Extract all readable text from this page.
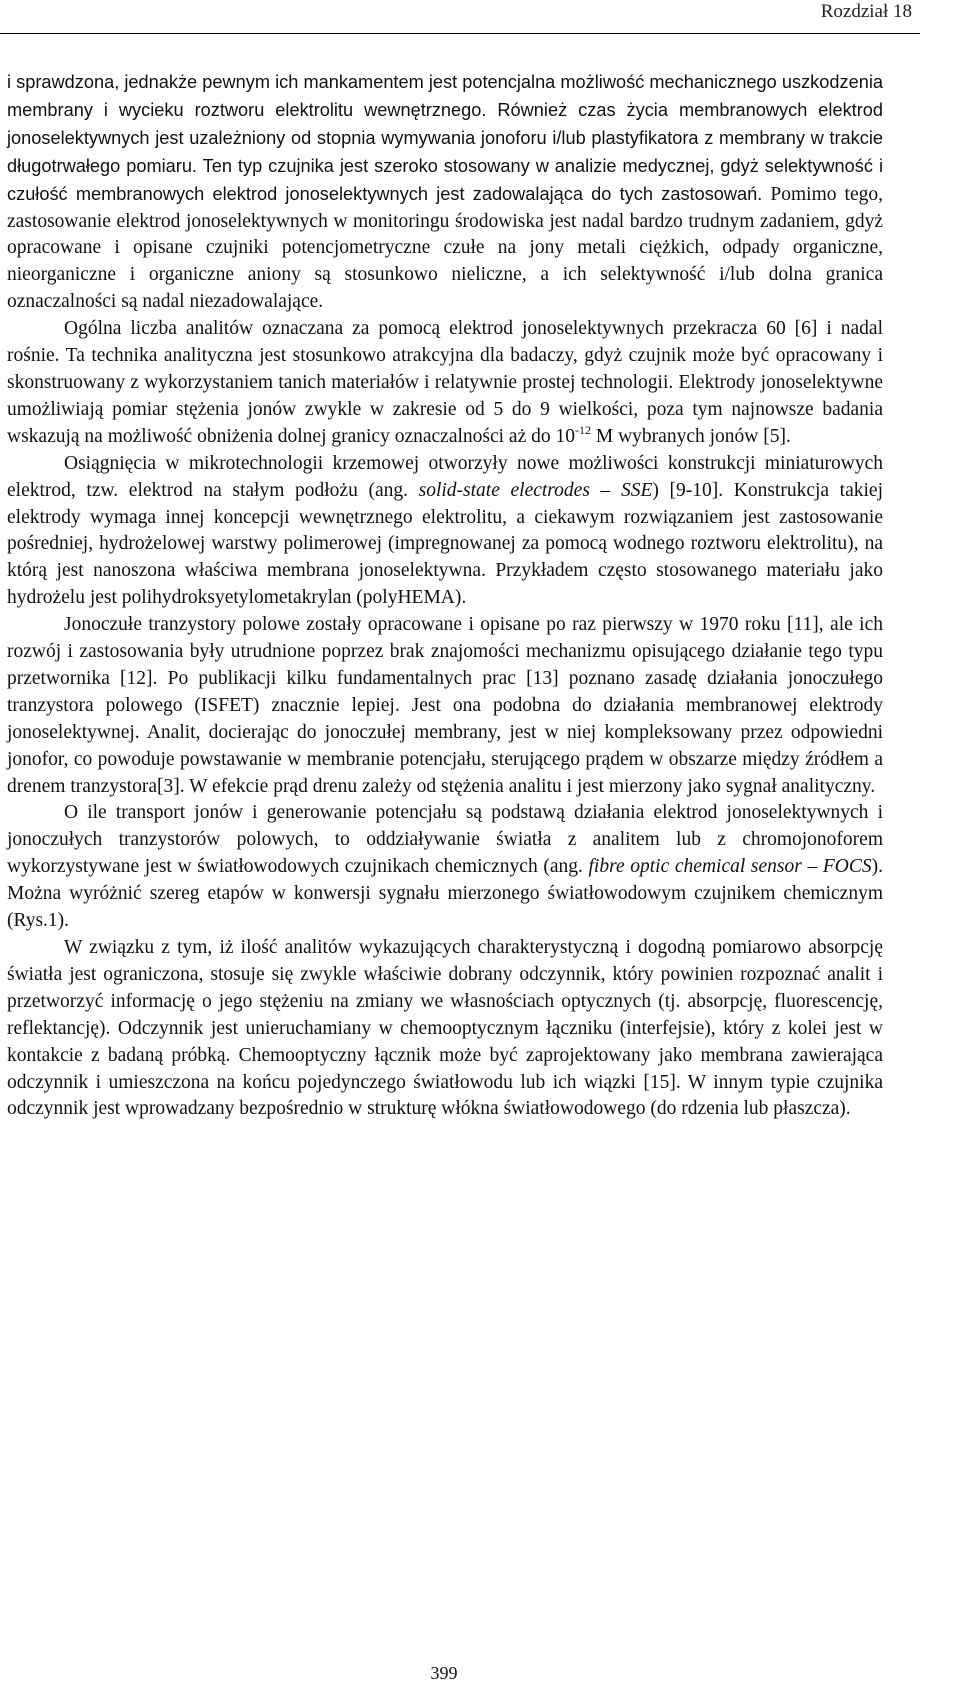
Rozdział 18

i sprawdzona, jednakże pewnym ich mankamentem jest potencjalna możliwość mechanicznego uszkodzenia membrany i wycieku roztworu elektrolitu wewnętrznego. Również czas życia membranowych elektrod jonoselektywnych jest uzależniony od stopnia wymywania jonoforu i/lub plastyfikatora z membrany w trakcie długotrwałego pomiaru. Ten typ czujnika jest szeroko stosowany w analizie medycznej, gdyż selektywność i czułość membranowych elektrod jonoselektywnych jest zadowalająca do tych zastosowań. Pomimo tego, zastosowanie elektrod jonoselektywnych w monitoringu środowiska jest nadal bardzo trudnym zadaniem, gdyż opracowane i opisane czujniki potencjometryczne czułe na jony metali ciężkich, odpady organiczne, nieorganiczne i organiczne aniony są stosunkowo nieliczne, a ich selektywność i/lub dolna granica oznaczalności są nadal niezadowalające.

Ogólna liczba analitów oznaczana za pomocą elektrod jonoselektywnych przekracza 60 [6] i nadal rośnie. Ta technika analityczna jest stosunkowo atrakcyjna dla badaczy, gdyż czujnik może być opracowany i skonstruowany z wykorzystaniem tanich materiałów i relatywnie prostej technologii. Elektrody jonoselektywne umożliwiają pomiar stężenia jonów zwykle w zakresie od 5 do 9 wielkości, poza tym najnowsze badania wskazują na możliwość obniżenia dolnej granicy oznaczalności aż do $10^{-12}$ M wybranych jonów [5].

Osiągnięcia w mikrotechnologii krzemowej otworzyły nowe możliwości konstrukcji miniaturowych elektrod, tzw. elektrod na stałym podłożu (ang. solid-state electrodes – SSE) [9-10]. Konstrukcja takiej elektrody wymaga innej koncepcji wewnętrznego elektrolitu, a ciekawym rozwiązaniem jest zastosowanie pośredniej, hydrożelowej warstwy polimerowej (impregnowanej za pomocą wodnego roztworu elektrolitu), na którą jest nanoszona właściwa membrana jonoselektywna. Przykładem często stosowanego materiału jako hydrożelu jest polihydroksyetylometakrylan (polyHEMA).

Jonoczułe tranzystory polowe zostały opracowane i opisane po raz pierwszy w 1970 roku [11], ale ich rozwój i zastosowania były utrudnione poprzez brak znajomości mechanizmu opisującego działanie tego typu przetwornika [12]. Po publikacji kilku fundamentalnych prac [13] poznano zasadę działania jonoczułego tranzystora polowego (ISFET) znacznie lepiej. Jest ona podobna do działania membranowej elektrody jonoselektywnej. Analit, docierając do jonoczułej membrany, jest w niej kompleksowany przez odpowiedni jonofor, co powoduje powstawanie w membranie potencjału, sterującego prądem w obszarze między źródłem a drenem tranzystora[3]. W efekcie prąd drenu zależy od stężenia analitu i jest mierzony jako sygnał analityczny.

O ile transport jonów i generowanie potencjału są podstawą działania elektrod jonoselektywnych i jonoczułych tranzystorów polowych, to oddziaływanie światła z analitem lub z chromojonoforem wykorzystywane jest w światłowodowych czujnikach chemicznych (ang. fibre optic chemical sensor – FOCS). Można wyróżnić szereg etapów w konwersji sygnału mierzonego światłowodowym czujnikem chemicznym (Rys.1).

W związku z tym, iż ilość analitów wykazujących charakterystyczną i dogodną pomiarowo absorpcję światła jest ograniczona, stosuje się zwykle właściwie dobrany odczynnik, który powinien rozpoznać analit i przetworzyć informację o jego stężeniu na zmiany we własnościach optycznych (tj. absorpcję, fluorescencję, reflektancję). Odczynnik jest unieruchamiany w chemooptycznym łączniku (interfejsie), który z kolei jest w kontakcie z badaną próbką. Chemooptyczny łącznik może być zaprojektowany jako membrana zawierająca odczynnik i umieszczona na końcu pojedynczego światłowodu lub ich wiązki [15]. W innym typie czujnika odczynnik jest wprowadzany bezpośrednio w strukturę włókna światłowodowego (do rdzenia lub płaszcza).

399
